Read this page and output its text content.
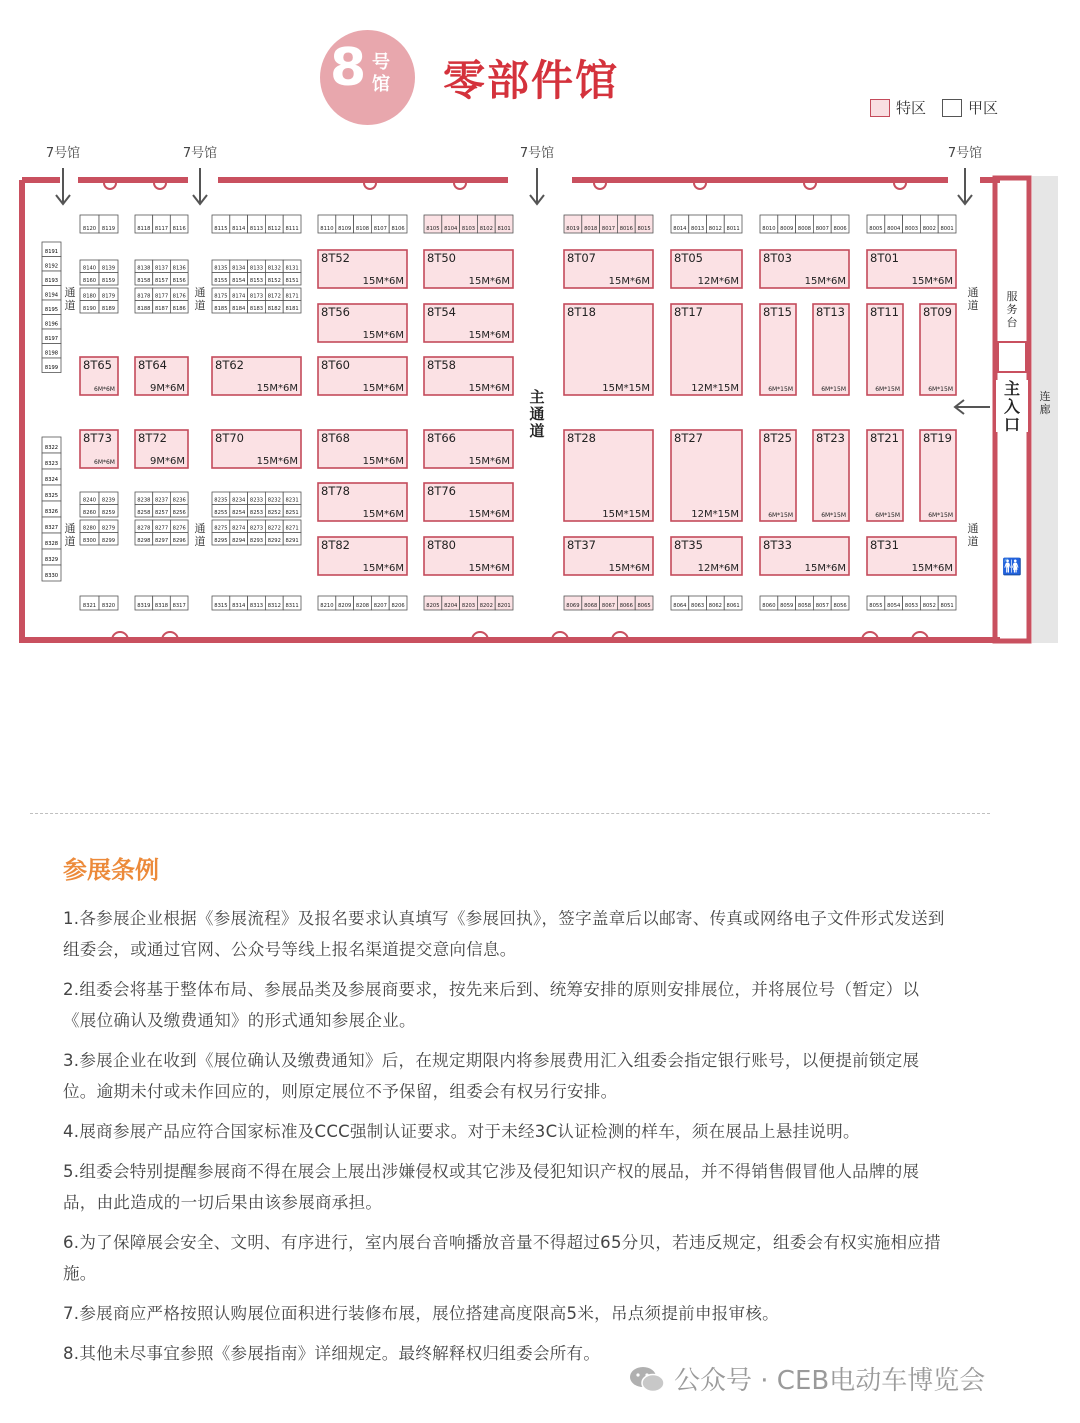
8 号馆 零部件馆
特区	甲区
7号馆	7号馆	7号馆	7号馆
主
通
道
主
入
口
连
廊
服
务
台
通
道
通
道
通
道
通
道
通
道
通
道
🚻
8120 8119
8321 8320
8118 8117 8116
8319 8318 8317
8115 8114 8113 8112 8111
8315 8314 8313 8312 8311
8110 8109 8108 8107 8106
8210 8209 8208 8207 8206
8105 8104 8103 8102 8101
8205 8204 8203 8202 8201
8019 8018 8017 8016 8015
8069 8068 8067 8066 8065
8014 8013 8012 8011
8064 8063 8062 8061
8010 8009 8008 8007 8006
8060 8059 8058 8057 8056
8005 8004 8003 8002 8001
8055 8054 8053 8052 8051
8191
8192
8193
8194
8195
8196
8197
8198
8199
8322
8323
8324
8325
8326
8327
8328
8329
8330
8140 8139
8160 8159
8180 8179
8190 8189
8138 8137 8136
8158 8157 8156
8178 8177 8176
8188 8187 8186
8135 8134 8133 8132 8131
8155 8154 8153 8152 8151
8175 8174 8173 8172 8171
8185 8184 8183 8182 8181
8240 8239
8260 8259
8280 8279
8300 8299
8238 8237 8236
8258 8257 8256
8278 8277 8276
8298 8297 8296
8235 8234 8233 8232 8231
8255 8254 8253 8252 8251
8275 8274 8273 8272 8271
8295 8294 8293 8292 8291
8T52
15M*6M
8T50
15M*6M
8T07
15M*6M
8T05
12M*6M
8T03
15M*6M
8T01
15M*6M
8T56
15M*6M
8T54
15M*6M
8T18
15M*15M
8T17
12M*15M
8T15
6M*15M
8T13
6M*15M
8T11
6M*15M
8T09
6M*15M
8T65
6M*6M
8T64
9M*6M
8T62
15M*6M
8T60
15M*6M
8T58
15M*6M
8T73
6M*6M
8T72
9M*6M
8T70
15M*6M
8T68
15M*6M
8T66
15M*6M
8T28
15M*15M
8T27
12M*15M
8T25
6M*15M
8T23
6M*15M
8T21
6M*15M
8T19
6M*15M
8T78
15M*6M
8T76
15M*6M
8T82
15M*6M
8T80
15M*6M
8T37
15M*6M
8T35
12M*6M
8T33
15M*6M
8T31
15M*6M
参展条例
1.各参展企业根据《参展流程》及报名要求认真填写《参展回执》，签字盖章后以邮寄、传真或网络电子文件形式发送到组委会，或通过官网、公众号等线上报名渠道提交意向信息。
2.组委会将基于整体布局、参展品类及参展商要求，按先来后到、统筹安排的原则安排展位，并将展位号（暂定）以《展位确认及缴费通知》的形式通知参展企业。
3.参展企业在收到《展位确认及缴费通知》后，在规定期限内将参展费用汇入组委会指定银行账号，以便提前锁定展位。逾期未付或未作回应的，则原定展位不予保留，组委会有权另行安排。
4.展商参展产品应符合国家标准及CCC强制认证要求。对于未经3C认证检测的样车，须在展品上悬挂说明。
5.组委会特别提醒参展商不得在展会上展出涉嫌侵权或其它涉及侵犯知识产权的展品，并不得销售假冒他人品牌的展品，由此造成的一切后果由该参展商承担。
6.为了保障展会安全、文明、有序进行，室内展台音响播放音量不得超过65分贝，若违反规定，组委会有权实施相应措施。
7.参展商应严格按照认购展位面积进行装修布展，展位搭建高度限高5米，吊点须提前申报审核。
8.其他未尽事宜参照《参展指南》详细规定。最终解释权归组委会所有。
公众号 · CEB电动车博览会
